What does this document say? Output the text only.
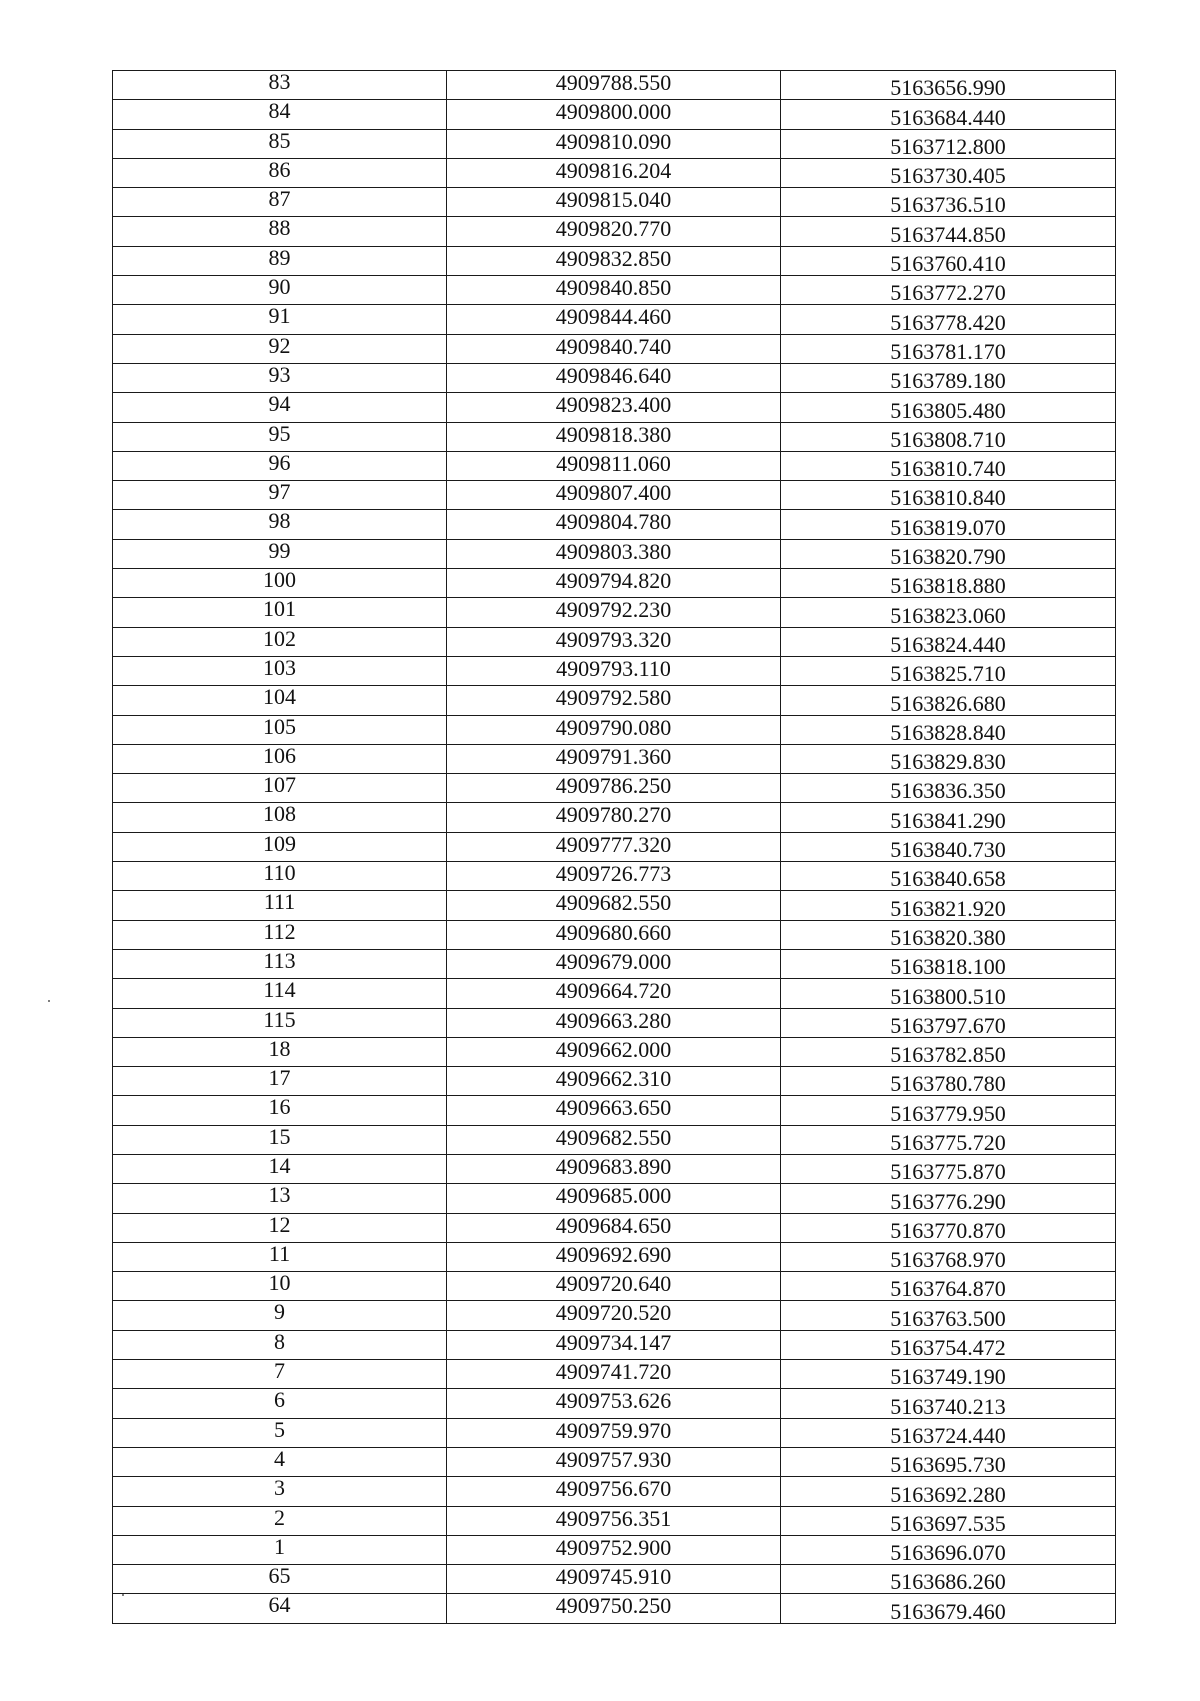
83	4909788.550	5163656.990
84	4909800.000	5163684.440
85	4909810.090	5163712.800
86	4909816.204	5163730.405
87	4909815.040	5163736.510
88	4909820.770	5163744.850
89	4909832.850	5163760.410
90	4909840.850	5163772.270
91	4909844.460	5163778.420
92	4909840.740	5163781.170
93	4909846.640	5163789.180
94	4909823.400	5163805.480
95	4909818.380	5163808.710
96	4909811.060	5163810.740
97	4909807.400	5163810.840
98	4909804.780	5163819.070
99	4909803.380	5163820.790
100	4909794.820	5163818.880
101	4909792.230	5163823.060
102	4909793.320	5163824.440
103	4909793.110	5163825.710
104	4909792.580	5163826.680
105	4909790.080	5163828.840
106	4909791.360	5163829.830
107	4909786.250	5163836.350
108	4909780.270	5163841.290
109	4909777.320	5163840.730
110	4909726.773	5163840.658
111	4909682.550	5163821.920
112	4909680.660	5163820.380
113	4909679.000	5163818.100
114	4909664.720	5163800.510
115	4909663.280	5163797.670
18	4909662.000	5163782.850
17	4909662.310	5163780.780
16	4909663.650	5163779.950
15	4909682.550	5163775.720
14	4909683.890	5163775.870
13	4909685.000	5163776.290
12	4909684.650	5163770.870
11	4909692.690	5163768.970
10	4909720.640	5163764.870
9	4909720.520	5163763.500
8	4909734.147	5163754.472
7	4909741.720	5163749.190
6	4909753.626	5163740.213
5	4909759.970	5163724.440
4	4909757.930	5163695.730
3	4909756.670	5163692.280
2	4909756.351	5163697.535
1	4909752.900	5163696.070
65	4909745.910	5163686.260
64	4909750.250	5163679.460
